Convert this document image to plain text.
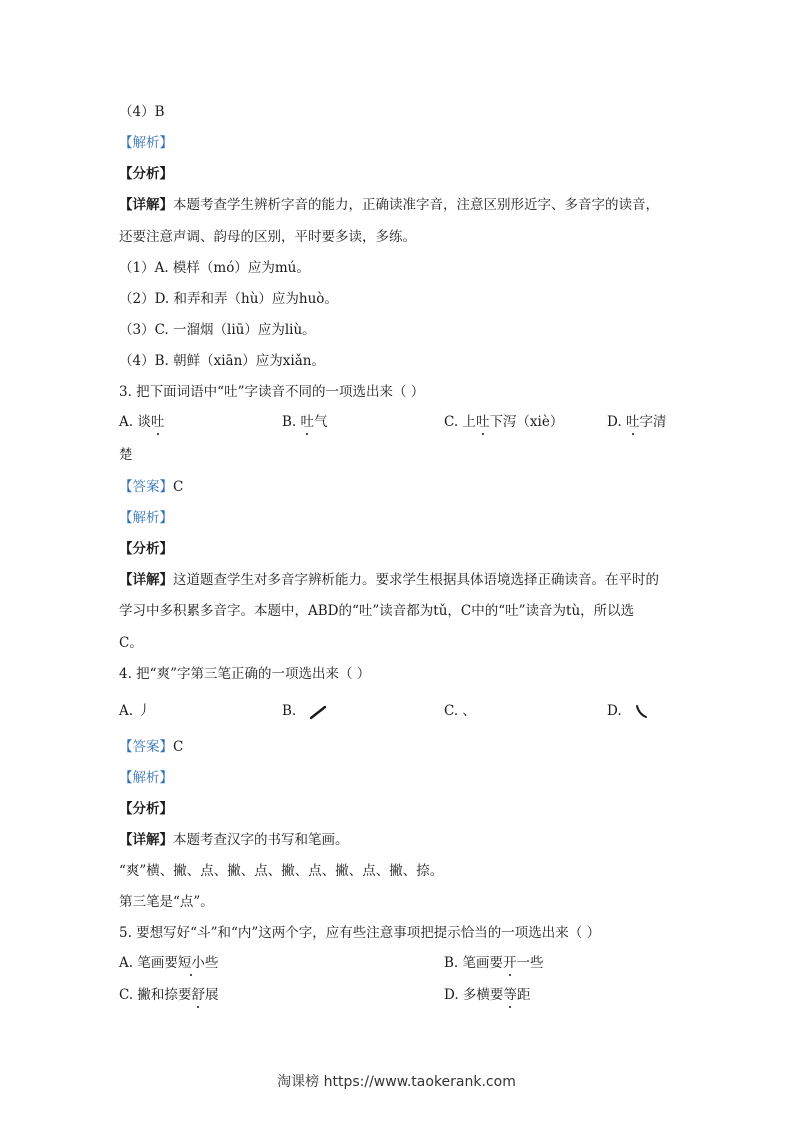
（4）B
【解析】
【分析】
【详解】本题考查学生辨析字音的能力，正确读准字音，注意区别形近字、多音字的读音，
还要注意声调、韵母的区别，平时要多读，多练。
（1）A. 模样（mó）应为mú。
（2）D. 和弄和弄（hù）应为huò。
（3）C. 一溜烟（liū）应为liù。
（4）B. 朝鲜（xiān）应为xiǎn。
3. 把下面词语中“吐”字读音不同的一项选出来（ ）
A. 谈吐	B. 吐气	C. 上吐下泻（xiè）	D. 吐字清
楚
【答案】C
【解析】
【分析】
【详解】这道题查学生对多音字辨析能力。要求学生根据具体语境选择正确读音。在平时的
学习中多积累多音字。本题中，ABD的“吐”读音都为tǔ，C中的“吐”读音为tù，所以选
C。
4. 把“爽”字第三笔正确的一项选出来（ ）
A. 丿	B.	C. 、	D.
【答案】C
【解析】
【分析】
【详解】本题考查汉字的书写和笔画。
“爽”横、撇、点、撇、点、撇、点、撇、点、撇、捺。
第三笔是“点”。
5. 要想写好“斗”和“内”这两个字，应有些注意事项把提示恰当的一项选出来（ ）
A. 笔画要短小些	B. 笔画要开一些
C. 撇和捺要舒展	D. 多横要等距
淘课榜 https://www.taokerank.com
